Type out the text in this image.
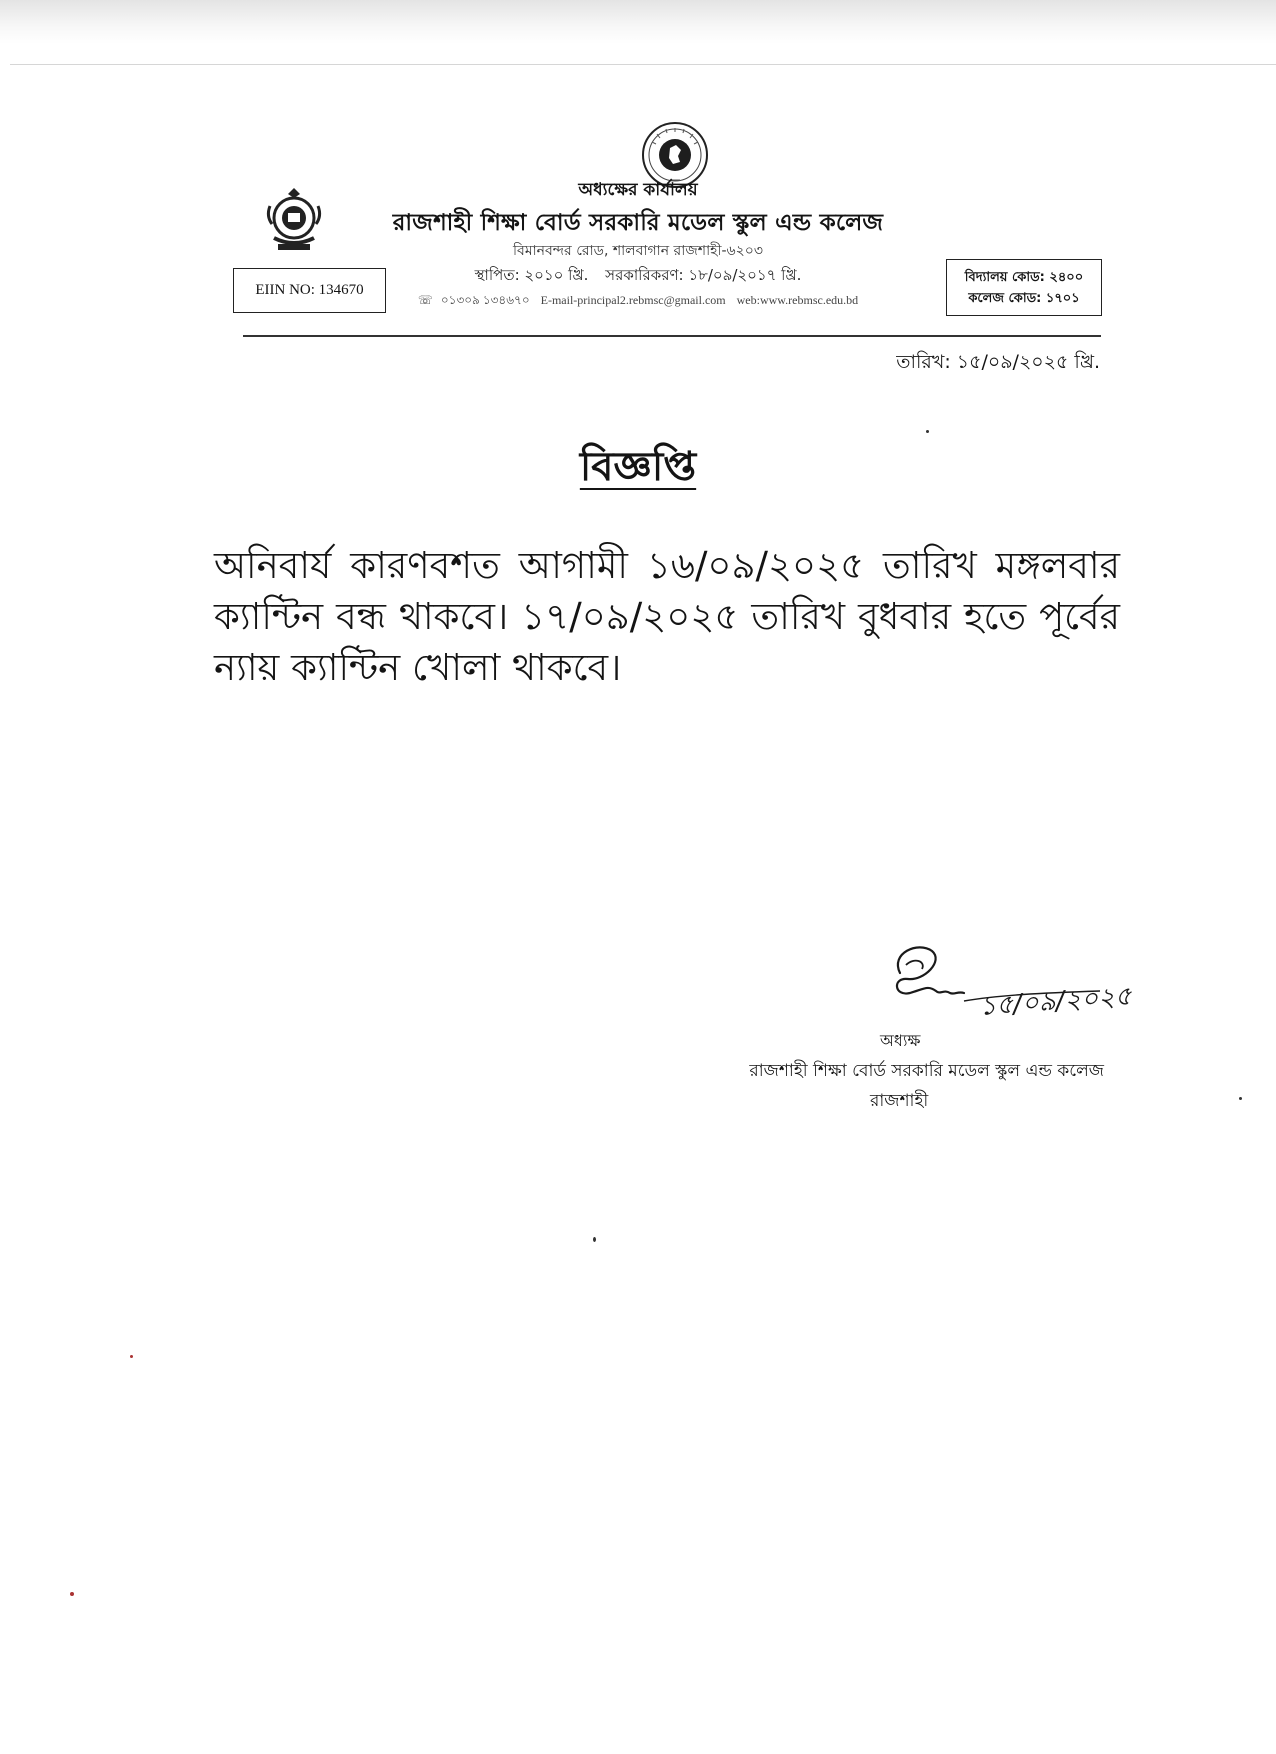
অধ্যক্ষের কার্যালয়
রাজশাহী শিক্ষা বোর্ড সরকারি মডেল স্কুল এন্ড কলেজ
বিমানবন্দর রোড, শালবাগান রাজশাহী-৬২০৩
স্থাপিত: ২০১০ খ্রি. সরকারিকরণ: ১৮/০৯/২০১৭ খ্রি.
☏ ০১৩০৯ ১৩৪৬৭০ E-mail-principal2.rebmsc@gmail.com web:www.rebmsc.edu.bd
EIIN NO: 134670
বিদ্যালয় কোড: ২৪০০
কলেজ কোড: ১৭০১
তারিখ: ১৫/০৯/২০২৫ খ্রি.
বিজ্ঞপ্তি
অনিবার্য কারণবশত আগামী ১৬/০৯/২০২৫ তারিখ মঙ্গলবার ক্যান্টিন বন্ধ থাকবে। ১৭/০৯/২০২৫ তারিখ বুধবার হতে পূর্বের ন্যায় ক্যান্টিন খোলা থাকবে।
১৫/০৯/২০২৫
অধ্যক্ষ
রাজশাহী শিক্ষা বোর্ড সরকারি মডেল স্কুল এন্ড কলেজ
রাজশাহী
